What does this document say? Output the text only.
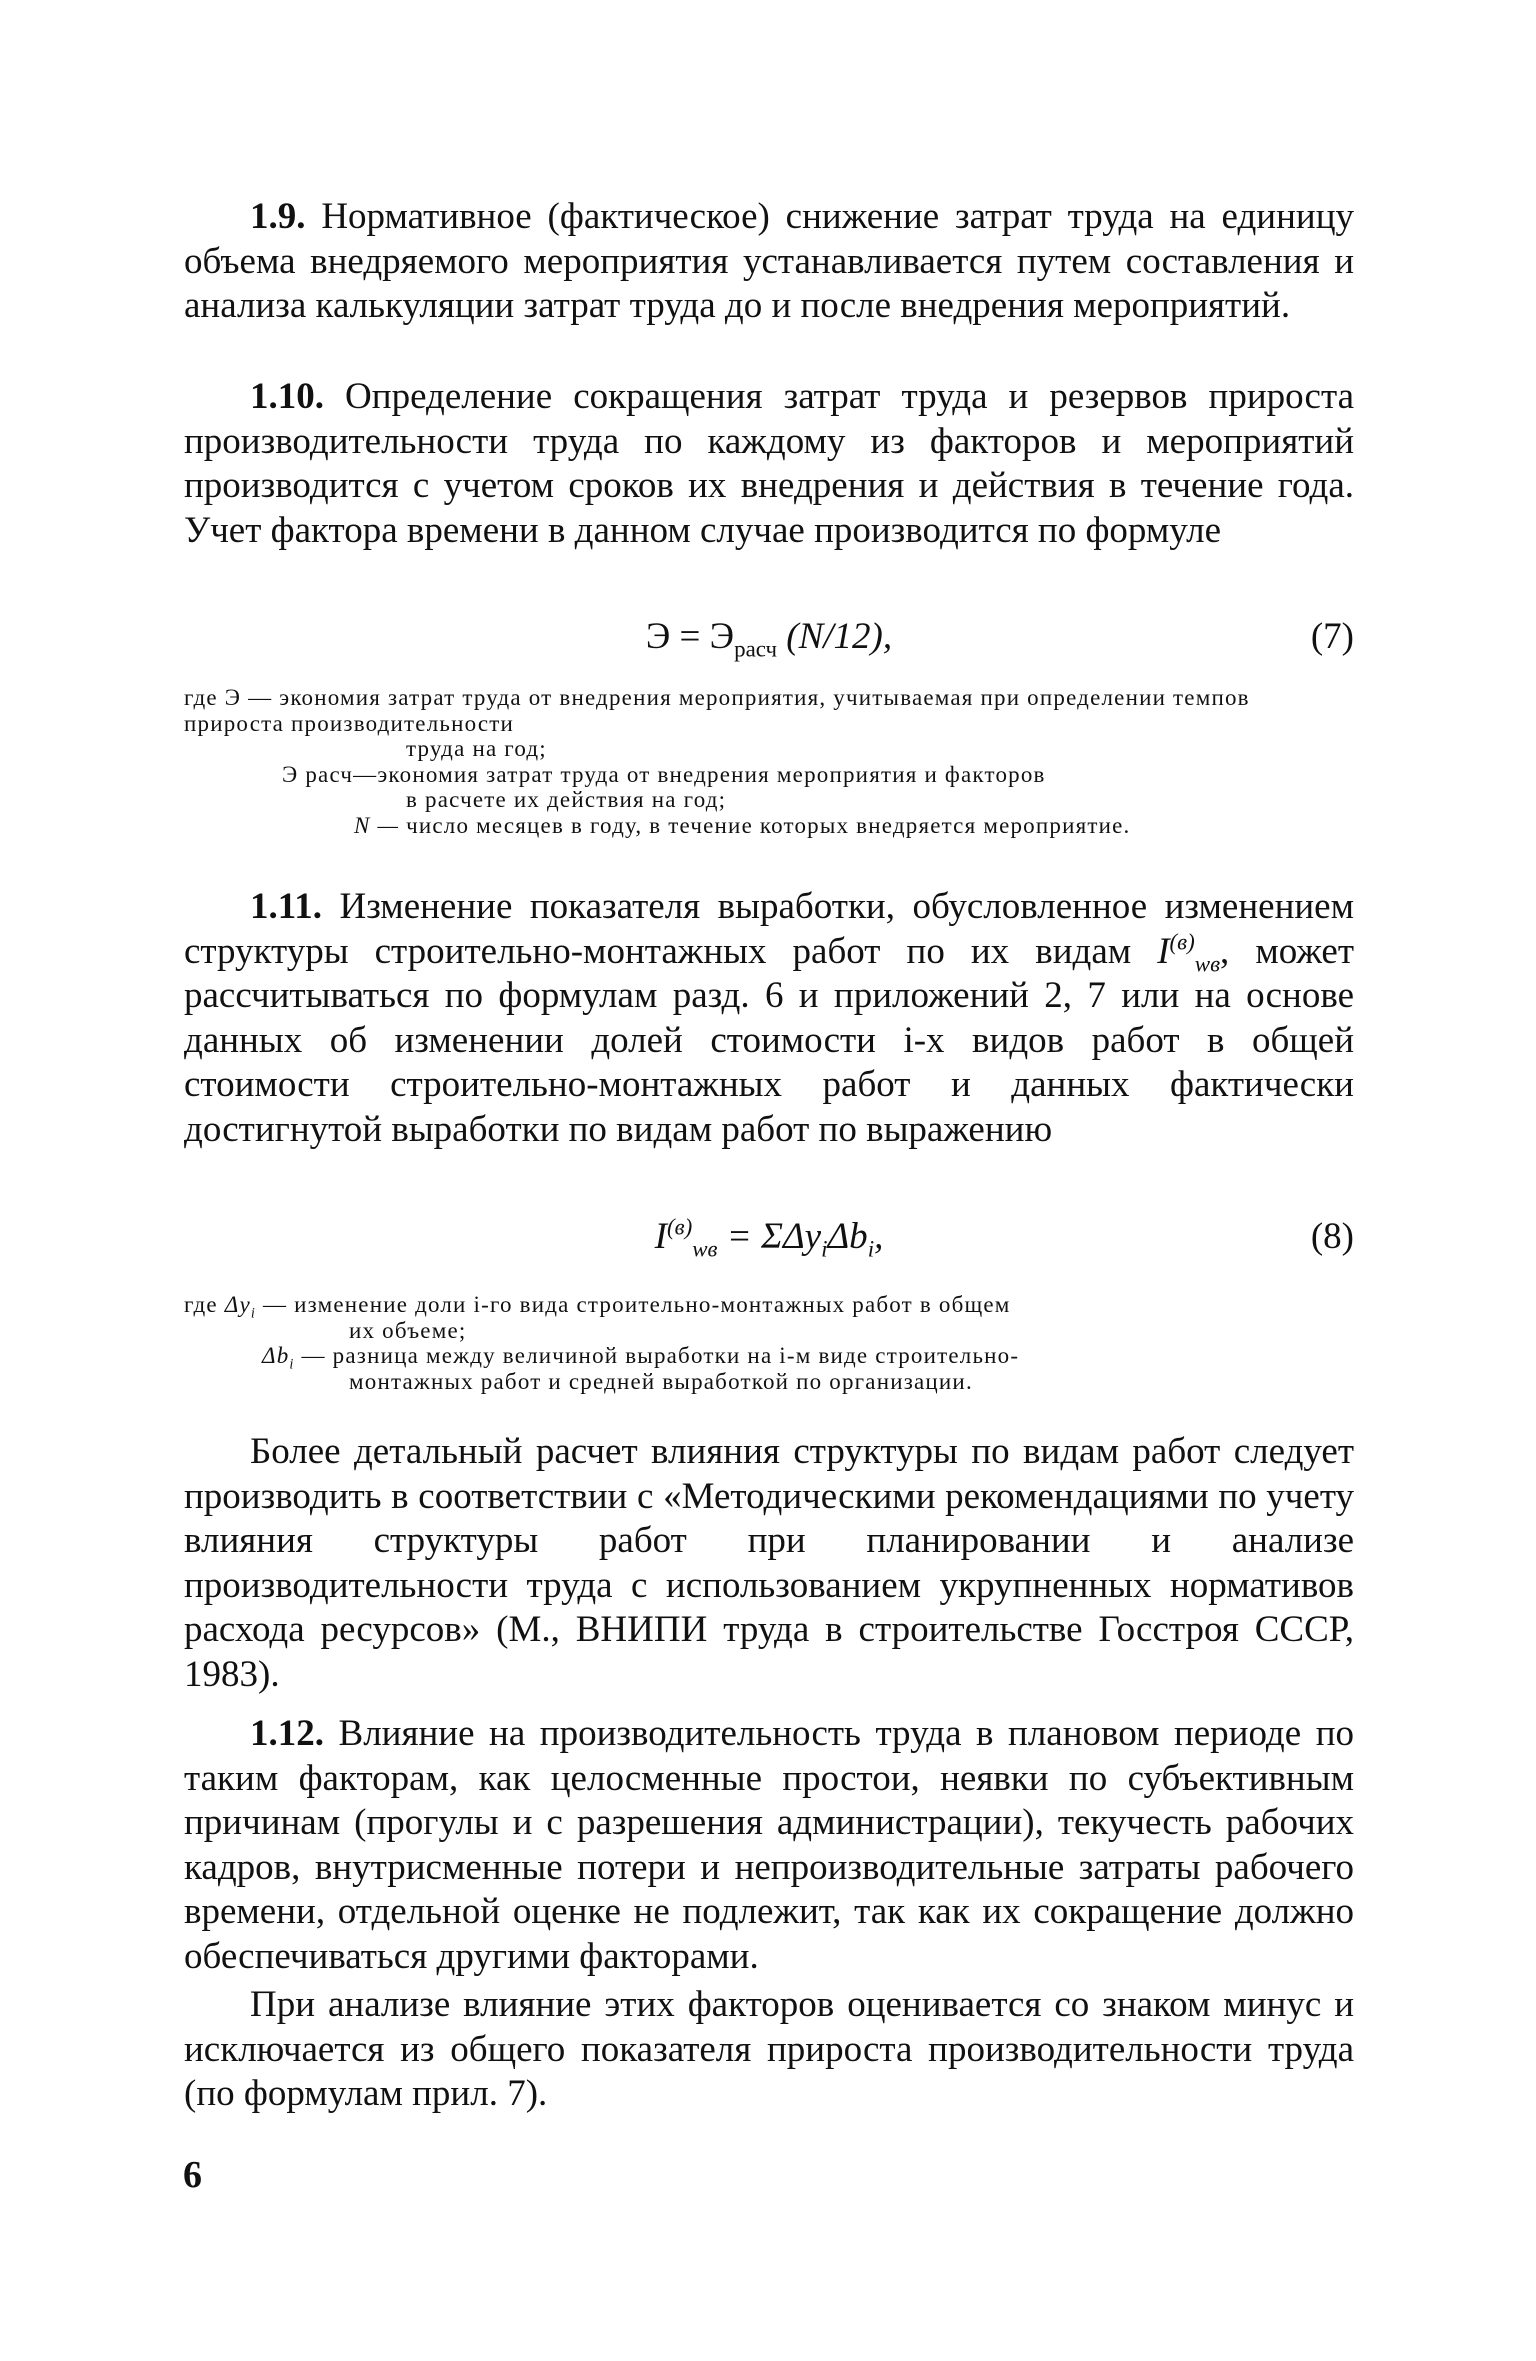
1.9. Нормативное (фактическое) снижение затрат труда на единицу объема внедряемого мероприятия устанавливается путем составления и анализа калькуляции затрат труда до и после внедрения мероприятий.

1.10. Определение сокращения затрат труда и резервов прироста производительности труда по каждому из факторов и мероприятий производится с учетом сроков их внедрения и действия в течение года. Учет фактора времени в данном случае производится по формуле

$Э = Э_{расч}$ (N/12),	(7)
где Э — экономия затрат труда от внедрения мероприятия, учитываемая при определении темпов прироста производительности
труда на год;
Э расч—экономия затрат труда от внедрения мероприятия и факторов
в расчете их действия на год;
N — число месяцев в году, в течение которых внедряется мероприятие.

1.11. Изменение показателя выработки, обусловленное изменением структуры строительно-монтажных работ по их видам $I^{(в)}_{wв}$, может рассчитываться по формулам разд. 6 и приложений 2, 7 или на основе данных об изменении долей стоимости i-х видов работ в общей стоимости строительно-монтажных работ и данных фактически достигнутой выработки по видам работ по выражению

$I^{(в)}_{wв} = \Sigma\Delta y_i\Delta b_i$,	(8)
где $\Delta y_i$ — изменение доли i-го вида строительно-монтажных работ в общем
их объеме;
$\Delta b_i$ — разница между величиной выработки на i-м виде строительно-
монтажных работ и средней выработкой по организации.

Более детальный расчет влияния структуры по видам работ следует производить в соответствии с «Методическими рекомендациями по учету влияния структуры работ при планировании и анализе производительности труда с использованием укрупненных нормативов расхода ресурсов» (М., ВНИПИ труда в строительстве Госстроя СССР, 1983).

1.12. Влияние на производительность труда в плановом периоде по таким факторам, как целосменные простои, неявки по субъективным причинам (прогулы и с разрешения администрации), текучесть рабочих кадров, внутрисменные потери и непроизводительные затраты рабочего времени, отдельной оценке не подлежит, так как их сокращение должно обеспечиваться другими факторами.

При анализе влияние этих факторов оценивается со знаком минус и исключается из общего показателя прироста производительности труда (по формулам прил. 7).

6
